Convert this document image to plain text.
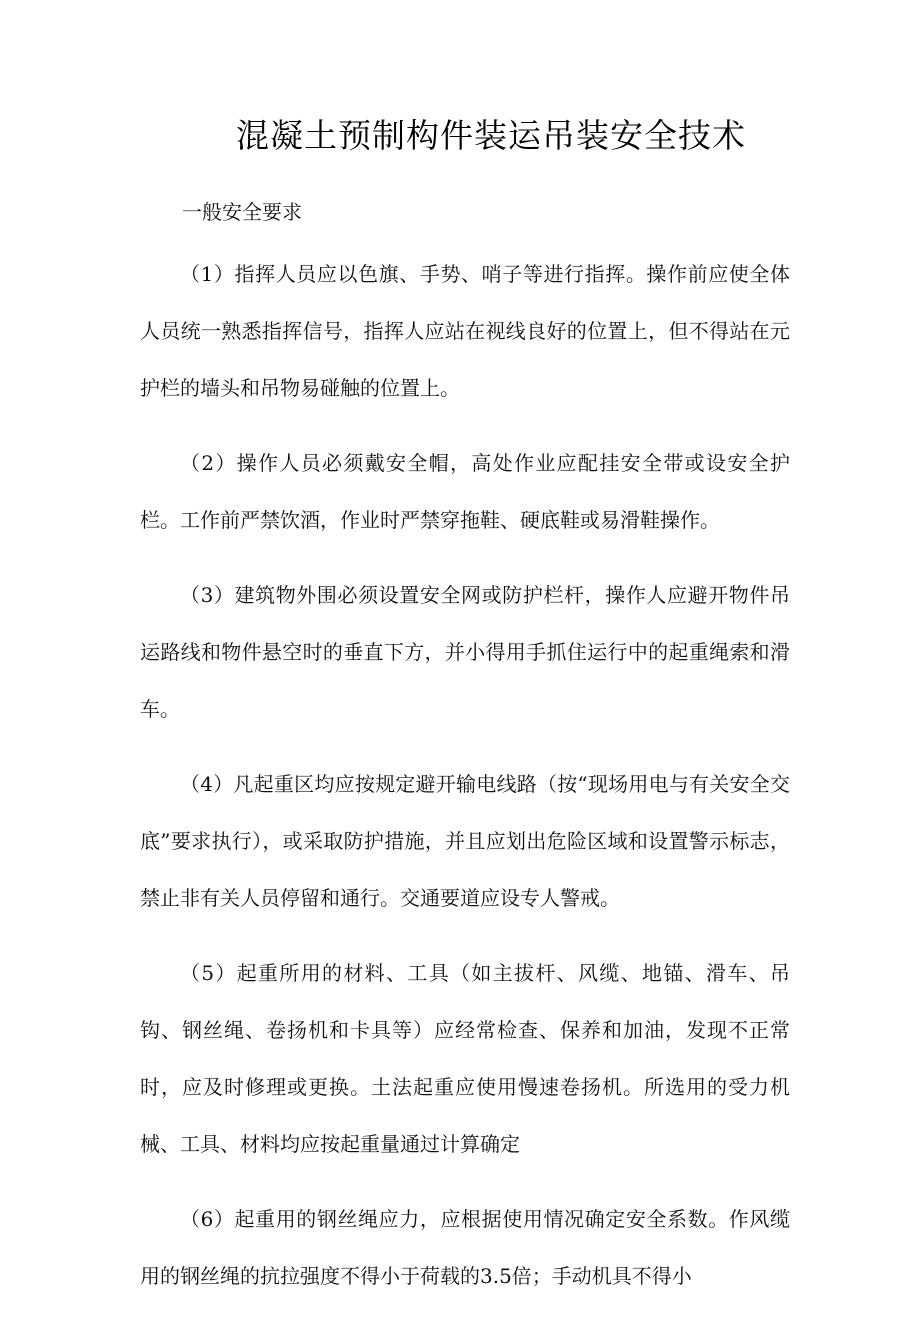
混凝土预制构件装运吊装安全技术
一般安全要求

（1）指挥人员应以色旗、手势、哨子等进行指挥。操作前应使全体人员统一熟悉指挥信号，指挥人应站在视线良好的位置上，但不得站在元护栏的墙头和吊物易碰触的位置上。

（2）操作人员必须戴安全帽，高处作业应配挂安全带或设安全护栏。工作前严禁饮酒，作业时严禁穿拖鞋、硬底鞋或易滑鞋操作。

（3）建筑物外围必须设置安全网或防护栏杆，操作人应避开物件吊运路线和物件悬空时的垂直下方，并小得用手抓住运行中的起重绳索和滑车。

（4）凡起重区均应按规定避开输电线路（按“现场用电与有关安全交底”要求执行），或采取防护措施，并且应划出危险区域和设置警示标志，禁止非有关人员停留和通行。交通要道应设专人警戒。

（5）起重所用的材料、工具（如主拔杆、风缆、地锚、滑车、吊钩、钢丝绳、卷扬机和卡具等）应经常检查、保养和加油，发现不正常时，应及时修理或更换。土法起重应使用慢速卷扬机。所选用的受力机械、工具、材料均应按起重量通过计算确定

（6）起重用的钢丝绳应力，应根据使用情况确定安全系数。作风缆用的钢丝绳的抗拉强度不得小于荷载的3.5倍；手动机具不得小
